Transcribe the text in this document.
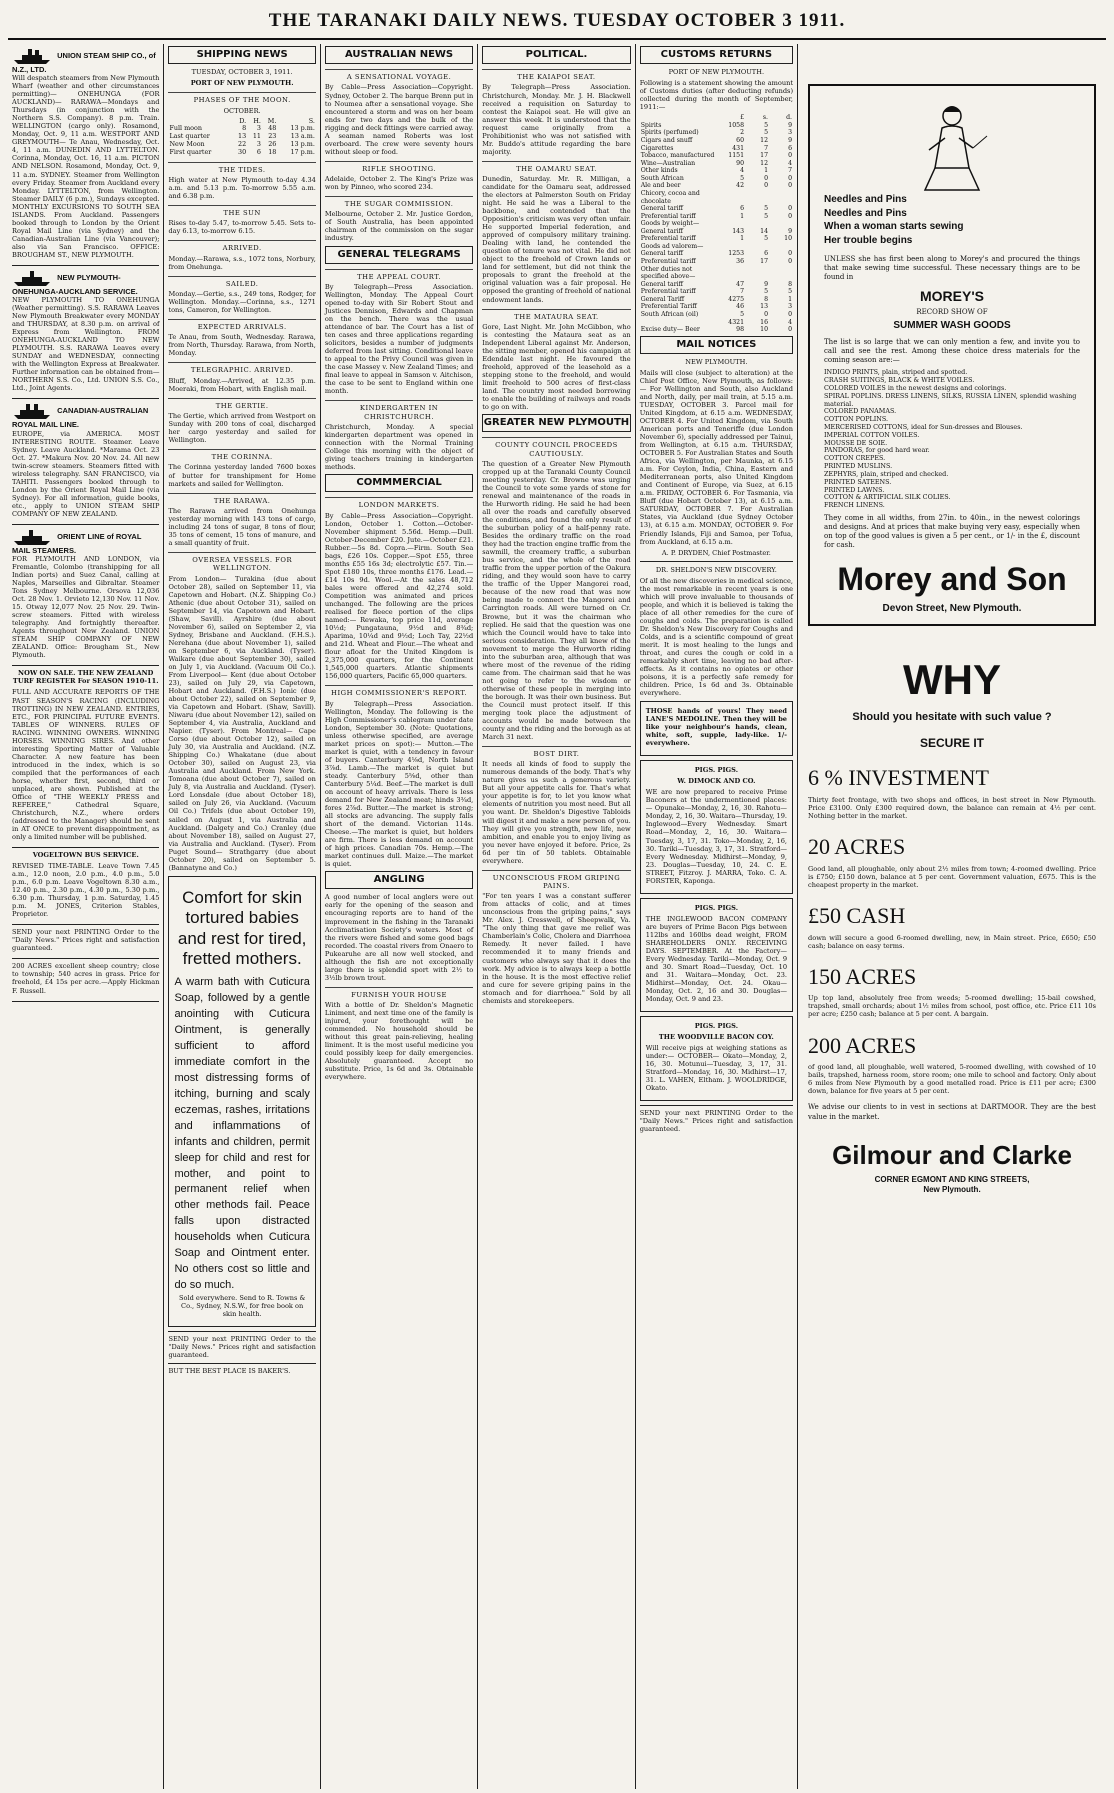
THE TARANAKI DAILY NEWS. TUESDAY OCTOBER 3 1911.
UNION STEAM SHIP CO., of N.Z., LTD.

Will despatch steamers from New Plymouth Wharf (weather and other circumstances permitting)— ONEHUNGA (FOR AUCKLAND)— RARAWA—Mondays and Thursdays (in conjunction with the Northern S.S. Company). 8 p.m. Train. WELLINGTON (cargo only). Rosamond, Monday, Oct. 9, 11 a.m. WESTPORT AND GREYMOUTH— Te Anau, Wednesday, Oct. 4, 11 a.m. DUNEDIN AND LYTTELTON. Corinna, Monday, Oct. 16, 11 a.m. PICTON AND NELSON. Rosamond, Monday, Oct. 9, 11 a.m. SYDNEY. Steamer from Wellington every Friday. Steamer from Auckland every Monday. LYTTELTON, from Wellington. Steamer DAILY (6 p.m.), Sundays excepted. MONTHLY EXCURSIONS TO SOUTH SEA ISLANDS. From Auckland. Passengers booked through to London by the Orient Royal Mail Line (via Sydney) and the Canadian-Australian Line (via Vancouver); also via San Francisco. OFFICE: BROUGHAM ST., NEW PLYMOUTH.

NEW PLYMOUTH-ONEHUNGA-AUCKLAND SERVICE.

NEW PLYMOUTH TO ONEHUNGA (Weather permitting). S.S. RARAWA Leaves New Plymouth Breakwater every MONDAY and THURSDAY, at 8.30 p.m. on arrival of Express from Wellington. FROM ONEHUNGA-AUCKLAND TO NEW PLYMOUTH. S.S. RARAWA Leaves every SUNDAY and WEDNESDAY, connecting with the Wellington Express at Breakwater. Further information can be obtained from— NORTHERN S.S. Co., Ltd. UNION S.S. Co., Ltd., Joint Agents.

CANADIAN-AUSTRALIAN ROYAL MAIL LINE.

EUROPE, via AMERICA. MOST INTERESTING ROUTE. Steamer. Leave Sydney. Leave Auckland. *Marama Oct. 23 Oct. 27. *Makura Nov. 20 Nov. 24. All new twin-screw steamers. Steamers fitted with wireless telegraphy. SAN FRANCISCO, via TAHITI. Passengers booked through to London by the Orient Royal Mail Line (via Sydney). For all information, guide books, etc., apply to UNION STEAM SHIP COMPANY OF NEW ZEALAND.

ORIENT LINE of ROYAL MAIL STEAMERS.

FOR PLYMOUTH AND LONDON, via Fremantle, Colombo (transhipping for all Indian ports) and Suez Canal, calling at Naples, Marseilles and Gibraltar. Steamer Tons Sydney Melbourne. Orsova 12,036 Oct. 28 Nov. 1. Orvieto 12,130 Nov. 11 Nov. 15. Otway 12,077 Nov. 25 Nov. 29. Twin-screw steamers. Fitted with wireless telegraphy. And fortnightly thereafter. Agents throughout New Zealand. UNION STEAM SHIP COMPANY OF NEW ZEALAND. Office: Brougham St., New Plymouth.

NOW ON SALE. THE NEW ZEALAND TURF REGISTER For SEASON 1910-11.

FULL AND ACCURATE REPORTS OF THE PAST SEASON'S RACING (INCLUDING TROTTING) IN NEW ZEALAND. ENTRIES, ETC., FOR PRINCIPAL FUTURE EVENTS. TABLES OF WINNERS. RULES OF RACING. WINNING OWNERS. WINNING HORSES. WINNING SIRES. And other interesting Sporting Matter of Valuable Character. A new feature has been introduced in the index, which is so compiled that the performances of each horse, whether first, second, third or unplaced, are shown. Published at the Office of "THE WEEKLY PRESS and REFEREE," Cathedral Square, Christchurch, N.Z., where orders (addressed to the Manager) should be sent in AT ONCE to prevent disappointment, as only a limited number will be published.

VOGELTOWN BUS SERVICE.

REVISED TIME-TABLE. Leave Town 7.45 a.m., 12.0 noon, 2.0 p.m., 4.0 p.m., 5.0 p.m., 6.0 p.m. Leave Vogeltown 8.30 a.m., 12.40 p.m., 2.30 p.m., 4.30 p.m., 5.30 p.m., 6.30 p.m. Thursday, 1 p.m. Saturday, 1.45 p.m. M. JONES, Criterion Stables, Proprietor.

SEND your next PRINTING Order to the "Daily News." Prices right and satisfaction guaranteed.

200 ACRES excellent sheep country; close to township; 540 acres in grass. Price for freehold, £4 15s per acre.—Apply Hickman F. Russell.

SHIPPING NEWS

TUESDAY, OCTOBER 3, 1911.

PORT OF NEW PLYMOUTH.

PHASES OF THE MOON.

OCTOBER.

	D.	H.	M.	S.
Full moon	8	3	48	13 p.m.
Last quarter	13	11	23	13 a.m.
New Moon	22	3	26	13 p.m.
First quarter	30	6	18	17 p.m.
THE TIDES.

High water at New Plymouth to-day 4.34 a.m. and 5.13 p.m. To-morrow 5.55 a.m. and 6.38 p.m.

THE SUN

Rises to-day 5.47, to-morrow 5.45. Sets to-day 6.13, to-morrow 6.15.

ARRIVED.

Monday.—Rarawa, s.s., 1072 tons, Norbury, from Onehunga.

SAILED.

Monday.—Gertie, s.s., 249 tons, Rodger, for Wellington. Monday.—Corinna, s.s., 1271 tons, Cameron, for Wellington.

EXPECTED ARRIVALS.

Te Anau, from South, Wednesday. Rarawa, from North, Thursday. Rarawa, from North, Monday.

TELEGRAPHIC. ARRIVED.

Bluff, Monday.—Arrived, at 12.35 p.m. Moeraki, from Hobart, with English mail.

THE GERTIE.

The Gertie, which arrived from Westport on Sunday with 200 tons of coal, discharged her cargo yesterday and sailed for Wellington.

THE CORINNA.

The Corinna yesterday landed 7600 boxes of butter for transhipment for Home markets and sailed for Wellington.

THE RARAWA.

The Rarawa arrived from Onehunga yesterday morning with 143 tons of cargo, including 24 tons of sugar, 8 tons of flour, 35 tons of cement, 15 tons of manure, and a small quantity of fruit.

OVERSEA VESSELS. FOR WELLINGTON.

From London— Turakina (due about October 28), sailed on September 11, via Capetown and Hobart. (N.Z. Shipping Co.) Athenic (due about October 31), sailed on September 14, via Capetown and Hobart. (Shaw, Savill). Ayrshire (due about November 6), sailed on September 2, via Sydney, Brisbane and Auckland. (F.H.S.). Nerehana (due about November 1), sailed on September 6, via Auckland. (Tyser). Waikare (due about September 30), sailed on July 1, via Auckland. (Vacuum Oil Co.). From Liverpool— Kent (due about October 23), sailed on July 29, via Capetown, Hobart and Auckland. (F.H.S.) Ionic (due about October 22), sailed on September 9, via Capetown and Hobart. (Shaw, Savill). Niwaru (due about November 12), sailed on September 4, via Australia, Auckland and Napier. (Tyser). From Montreal— Cape Corso (due about October 12), sailed on July 30, via Australia and Auckland. (N.Z. Shipping Co.) Whakatane (due about October 30), sailed on August 23, via Australia and Auckland. From New York. Tomoana (due about October 7), sailed on July 8, via Australia and Auckland. (Tyser). Lord Lonsdale (due about October 18), sailed on July 26, via Auckland. (Vacuum Oil Co.) Trifels (due about October 19), sailed on August 1, via Australia and Auckland. (Dalgety and Co.) Cranley (due about November 18), sailed on August 27, via Australia and Auckland. (Tyser). From Puget Sound— Strathgarry (due about October 20), sailed on September 5. (Bannatyne and Co.)

Comfort for skin tortured babies and rest for tired, fretted mothers.
A warm bath with Cuticura Soap, followed by a gentle anointing with Cuticura Ointment, is generally sufficient to afford immediate comfort in the most distressing forms of itching, burning and scaly eczemas, rashes, irritations and inflammations of infants and children, permit sleep for child and rest for mother, and point to permanent relief when other methods fail. Peace falls upon distracted households when Cuticura Soap and Ointment enter. No others cost so little and do so much.

Sold everywhere. Send to R. Towns & Co., Sydney, N.S.W., for free book on skin health.

SEND your next PRINTING Order to the "Daily News." Prices right and satisfaction guaranteed.

BUT THE BEST PLACE IS BAKER'S.

AUSTRALIAN NEWS
A SENSATIONAL VOYAGE.

By Cable—Press Association—Copyright. Sydney, October 2. The barque Brenn put in to Noumea after a sensational voyage. She encountered a storm and was on her beam ends for two days and the bulk of the rigging and deck fittings were carried away. A seaman named Roberts was lost overboard. The crew were seventy hours without sleep or food.

RIFLE SHOOTING.

Adelaide, October 2. The King's Prize was won by Pinneo, who scored 234.

THE SUGAR COMMISSION.

Melbourne, October 2. Mr. Justice Gordon, of South Australia, has been appointed chairman of the commission on the sugar industry.

GENERAL TELEGRAMS
THE APPEAL COURT.

By Telegraph—Press Association. Wellington, Monday. The Appeal Court opened to-day with Sir Robert Stout and Justices Dennison, Edwards and Chapman on the bench. There was the usual attendance of bar. The Court has a list of ten cases and three applications regarding solicitors, besides a number of judgments deferred from last sitting. Conditional leave to appeal to the Privy Council was given in the case Massey v. New Zealand Times; and final leave to appeal in Samson v. Aitchison, the case to be sent to England within one month.

KINDERGARTEN IN CHRISTCHURCH.

Christchurch, Monday. A special kindergarten department was opened in connection with the Normal Training College this morning with the object of giving teachers training in kindergarten methods.

COMMMERCIAL
LONDON MARKETS.

By Cable—Press Association—Copyright. London, October 1. Cotton.—October-November shipment 5.56d. Hemp.—Dull. October-December £20. Jute.—October £21. Rubber.—5s 8d. Copra.—Firm. South Sea bags, £26 10s. Copper.—Spot £55, three months £55 16s 3d; electrolytic £57. Tin.—Spot £180 10s, three months £176. Lead.—£14 10s 9d. Wool.—At the sales 48,712 bales were offered and 42,274 sold. Competition was animated and prices unchanged. The following are the prices realised for fleece portion of the clips named:— Rewaka, top price 11d, average 10½d; Pungatauna, 9½d and 8¾d; Aparima, 10¼d and 9½d; Loch Tay, 22½d and 21d. Wheat and Flour.—The wheat and flour afloat for the United Kingdom is 2,375,000 quarters, for the Continent 1,545,000 quarters. Atlantic shipments 156,000 quarters, Pacific 65,000 quarters.

HIGH COMMISSIONER'S REPORT.

By Telegraph—Press Association. Wellington, Monday. The following is the High Commissioner's cablegram under date London, September 30. (Note: Quotations, unless otherwise specified, are average market prices on spot):— Mutton.—The market is quiet, with a tendency in favour of buyers. Canterbury 4⅛d, North Island 3⅞d. Lamb.—The market is quiet but steady. Canterbury 5⅝d, other than Canterbury 5¼d. Beef.—The market is dull on account of heavy arrivals. There is less demand for New Zealand meat; hinds 3¾d, fores 2⅞d. Butter.—The market is strong; all stocks are advancing. The supply falls short of the demand. Victorian 114s. Cheese.—The market is quiet, but holders are firm. There is less demand on account of high prices. Canadian 70s. Hemp.—The market continues dull. Maize.—The market is quiet.

ANGLING

A good number of local anglers were out early for the opening of the season and encouraging reports are to hand of the improvement in the fishing in the Taranaki Acclimatisation Society's waters. Most of the rivers were fished and some good bags recorded. The coastal rivers from Onaero to Pukearuhe are all now well stocked, and although the fish are not exceptionally large there is splendid sport with 2½ to 3½lb brown trout.

FURNISH YOUR HOUSE

With a bottle of Dr. Sheldon's Magnetic Liniment, and next time one of the family is injured, your forethought will be commended. No household should be without this great pain-relieving, healing liniment. It is the most useful medicine you could possibly keep for daily emergencies. Absolutely guaranteed. Accept no substitute. Price, 1s 6d and 3s. Obtainable everywhere.

POLITICAL.
THE KAIAPOI SEAT.

By Telegraph—Press Association. Christchurch, Monday. Mr. J. H. Blackwell received a requisition on Saturday to contest the Kaiapoi seat. He will give an answer this week. It is understood that the request came originally from a Prohibitionist who was not satisfied with Mr. Buddo's attitude regarding the bare majority.

THE OAMARU SEAT.

Dunedin, Saturday. Mr. R. Milligan, a candidate for the Oamaru seat, addressed the electors at Palmerston South on Friday night. He said he was a Liberal to the backbone, and contended that the Opposition's criticism was very often unfair. He supported Imperial federation, and approved of compulsory military training. Dealing with land, he contended the question of tenure was not vital. He did not object to the freehold of Crown lands or land for settlement, but did not think the proposals to grant the freehold at the original valuation was a fair proposal. He opposed the granting of freehold of national endowment lands.

THE MATAURA SEAT.

Gore, Last Night. Mr. John McGibbon, who is contesting the Mataura seat as an Independent Liberal against Mr. Anderson, the sitting member, opened his campaign at Edendale last night. He favoured the freehold, approved of the leasehold as a stepping stone to the freehold, and would limit freehold to 500 acres of first-class land. The country most needed borrowing to enable the building of railways and roads to go on with.

GREATER NEW PLYMOUTH
COUNTY COUNCIL PROCEEDS CAUTIOUSLY.

The question of a Greater New Plymouth cropped up at the Taranaki County Council meeting yesterday. Cr. Browne was urging the Council to vote some yards of stone for renewal and maintenance of the roads in the Hurworth riding. He said he had been all over the roads and carefully observed the conditions, and found the only result of the suburban policy of a half-penny rate. Besides the ordinary traffic on the road they had the traction engine traffic from the sawmill, the creamery traffic, a suburban bus service, and the whole of the road traffic from the upper portion of the Oakura riding, and they would soon have to carry the traffic of the Upper Mangorei road, because of the new road that was now being made to connect the Mangorei and Carrington roads. All were turned on Cr. Browne, but it was the chairman who replied. He said that the question was one which the Council would have to take into serious consideration. They all knew of the movement to merge the Hurworth riding into the suburban area, although that was where most of the revenue of the riding came from. The chairman said that he was not going to refer to the wisdom or otherwise of these people in merging into the borough. It was their own business. But the Council must protect itself. If this merging took place the adjustment of accounts would be made between the county and the riding and the borough as at March 31 next.

BOST DIRT.

It needs all kinds of food to supply the numerous demands of the body. That's why nature gives us such a generous variety. But all your appetite calls for. That's what your appetite is for, to let you know what elements of nutrition you most need. But all you want. Dr. Sheldon's Digestive Tabloids will digest it and make a new person of you. They will give you strength, new life, new ambition, and enable you to enjoy living as you never have enjoyed it before. Price, 2s 6d per tin of 50 tablets. Obtainable everywhere.

UNCONSCIOUS FROM GRIPING PAINS.

"For ten years I was a constant sufferer from attacks of colic, and at times unconscious from the griping pains," says Mr. Alex. J. Cresswell, of Sheepwalk, Va. "The only thing that gave me relief was Chamberlain's Colic, Cholera and Diarrhoea Remedy. It never failed. I have recommended it to many friends and customers who always say that it does the work. My advice is to always keep a bottle in the house. It is the most effective relief and cure for severe griping pains in the stomach and for diarrhoea." Sold by all chemists and storekeepers.

CUSTOMS RETURNS

PORT OF NEW PLYMOUTH.

Following is a statement showing the amount of Customs duties (after deducting refunds) collected during the month of September, 1911:—

	£	s.	d.
Spirits	1058	5	9
Spirits (perfumed)	2	5	3
Cigars and snuff	60	12	9
Cigarettes	431	7	6
Tobacco, manufactured	1151	17	0
Wine—Australian	90	12	4
Other kinds	4	1	7
South African	5	0	0
Ale and beer	42	0	0
Chicory, cocoa and chocolate			
General tariff	6	5	0
Preferential tariff	1	5	0
Goods by weight—			
General tariff	143	14	9
Preferential tariff	1	5	10
Goods ad valorem—			
General tariff	1253	6	0
Preferential tariff	36	17	0
Other duties not specified above—			
General tariff	47	9	8
Preferential tariff	7	5	5
General Tariff	4275	8	1
Preferential Tariff	46	13	3
South African (oil)	5	0	0
	4321	16	4
Excise duty— Beer	98	10	0
MAIL NOTICES

NEW PLYMOUTH.

Mails will close (subject to alteration) at the Chief Post Office, New Plymouth, as follows:— For Wellington and South, also Auckland and North, daily, per mail train, at 5.15 a.m. TUESDAY, OCTOBER 3. Parcel mail for United Kingdom, at 6.15 a.m. WEDNESDAY, OCTOBER 4. For United Kingdom, via South American ports and Teneriffe (due London November 6), specially addressed per Tainui, from Wellington, at 6.15 a.m. THURSDAY, OCTOBER 5. For Australian States and South Africa, via Wellington, per Maunka, at 6.15 a.m. For Ceylon, India, China, Eastern and Mediterranean ports, also United Kingdom and Continent of Europe, via Suez, at 6.15 a.m. FRIDAY, OCTOBER 6. For Tasmania, via Bluff (due Hobart October 13), at 6.15 a.m. SATURDAY, OCTOBER 7. For Australian States, via Auckland (due Sydney October 13), at 6.15 a.m. MONDAY, OCTOBER 9. For Friendly Islands, Fiji and Samoa, per Tofua, from Auckland, at 6.15 a.m.

A. P. DRYDEN, Chief Postmaster.

DR. SHELDON'S NEW DISCOVERY.

Of all the new discoveries in medical science, the most remarkable in recent years is one which will prove invaluable to thousands of people, and which it is believed is taking the place of all other remedies for the cure of coughs and colds. The preparation is called Dr. Sheldon's New Discovery for Coughs and Colds, and is a scientific compound of great merit. It is most healing to the lungs and throat, and cures the cough or cold in a remarkably short time, leaving no bad after-effects. As it contains no opiates or other poisons, it is a perfectly safe remedy for children. Price, 1s 6d and 3s. Obtainable everywhere.

THOSE hands of yours! They need LANE'S MEDOLINE. Then they will be like your neighbour's hands, clean, white, soft, supple, lady-like. 1/- everywhere.

PIGS. PIGS.

W. DIMOCK AND CO.

WE are now prepared to receive Prime Baconers at the undermentioned places:— Opunake—Monday, 2, 16, 30. Rahotu—Monday, 2, 16, 30. Waitara—Thursday, 19. Inglewood—Every Wednesday. Smart Road—Monday, 2, 16, 30. Waitara—Tuesday, 3, 17, 31. Toko—Monday, 2, 16, 30. Tariki—Tuesday, 3, 17, 31. Stratford—Every Wednesday. Midhirst—Monday, 9, 23. Douglas—Tuesday, 10, 24. C. E. STREET, Fitzroy. J. MARRA, Toko. C. A. FORSTER, Kaponga.

PIGS. PIGS.

THE INGLEWOOD BACON COMPANY are buyers of Prime Bacon Pigs between 112lbs and 160lbs dead weight, FROM SHAREHOLDERS ONLY. RECEIVING DAYS. SEPTEMBER. At the Factory—Every Wednesday. Tariki—Monday, Oct. 9 and 30. Smart Road—Tuesday, Oct. 10 and 31. Waitara—Monday, Oct. 23. Midhirst—Monday, Oct. 24. Okau—Monday, Oct. 2, 16 and 30. Douglas—Monday, Oct. 9 and 23.

PIGS. PIGS.

THE WOODVILLE BACON COY.

Will receive pigs at weighing stations as under:— OCTOBER— Okato—Monday, 2, 16, 30. Motunui—Tuesday, 3, 17, 31. Stratford—Monday, 16, 30. Midhirst—17, 31. L. VAHEN, Eltham. J. WOOLDRIDGE, Okato.

SEND your next PRINTING Order to the "Daily News." Prices right and satisfaction guaranteed.

Needles and Pins
Needles and Pins
When a woman starts sewing
Her trouble begins

UNLESS she has first been along to Morey's and procured the things that make sewing time successful. These necessary things are to be found in

MOREY'S

RECORD SHOW OF

SUMMER WASH GOODS

The list is so large that we can only mention a few, and invite you to call and see the rest. Among these choice dress materials for the coming season are:—

INDIGO PRINTS, plain, striped and spotted.
CRASH SUITINGS, BLACK & WHITE VOILES.
COLORED VOILES in the newest designs and colorings.
SPIRAL POPLINS. DRESS LINENS, SILKS, RUSSIA LINEN, splendid washing material.
COLORED PANAMAS.
COTTON POPLINS.
MERCERISED COTTONS, ideal for Sun-dresses and Blouses.
IMPERIAL COTTON VOILES.
MOUSSE DE SOIE.
PANDORAS, for good hard wear.
COTTON CREPES.
PRINTED MUSLINS.
ZEPHYRS, plain, striped and checked.
PRINTED SATEENS.
PRINTED LAWNS.
COTTON & ARTIFICIAL SILK COLIES.
FRENCH LINENS.

They come in all widths, from 27in. to 40in., in the newest colorings and designs. And at prices that make buying very easy, especially when on top of the good values is given a 5 per cent., or 1/- in the £, discount for cash.

Morey and Son
Devon Street, New Plymouth.
WHY
Should you hesitate with such value ?
SECURE IT
6 % INVESTMENT

Thirty feet frontage, with two shops and offices, in best street in New Plymouth. Price £3100. Only £300 required down, the balance can remain at 4½ per cent. Nothing better in the market.

20 ACRES

Good land, all ploughable, only about 2½ miles from town; 4-roomed dwelling. Price is £750; £150 down, balance at 5 per cent. Government valuation, £675. This is the cheapest property in the market.

£50 CASH

down will secure a good 6-roomed dwelling, new, in Main street. Price, £650; £50 cash; balance on easy terms.

150 ACRES

Up top land, absolutely free from weeds; 5-roomed dwelling; 15-bail cowshed, trapshed, small orchards; about 1½ miles from school, post office, etc. Price £11 10s per acre; £250 cash; balance at 5 per cent. A bargain.

200 ACRES

of good land, all ploughable, well watered, 5-roomed dwelling, with cowshed of 10 bails, trapshed, harness room, store room; one mile to school and factory. Only about 6 miles from New Plymouth by a good metalled road. Price is £11 per acre; £300 down, balance for five years at 5 per cent.

We advise our clients to in vest in sections at DARTMOOR. They are the best value in the market.

Gilmour and Clarke
CORNER EGMONT AND KING STREETS,
New Plymouth.
